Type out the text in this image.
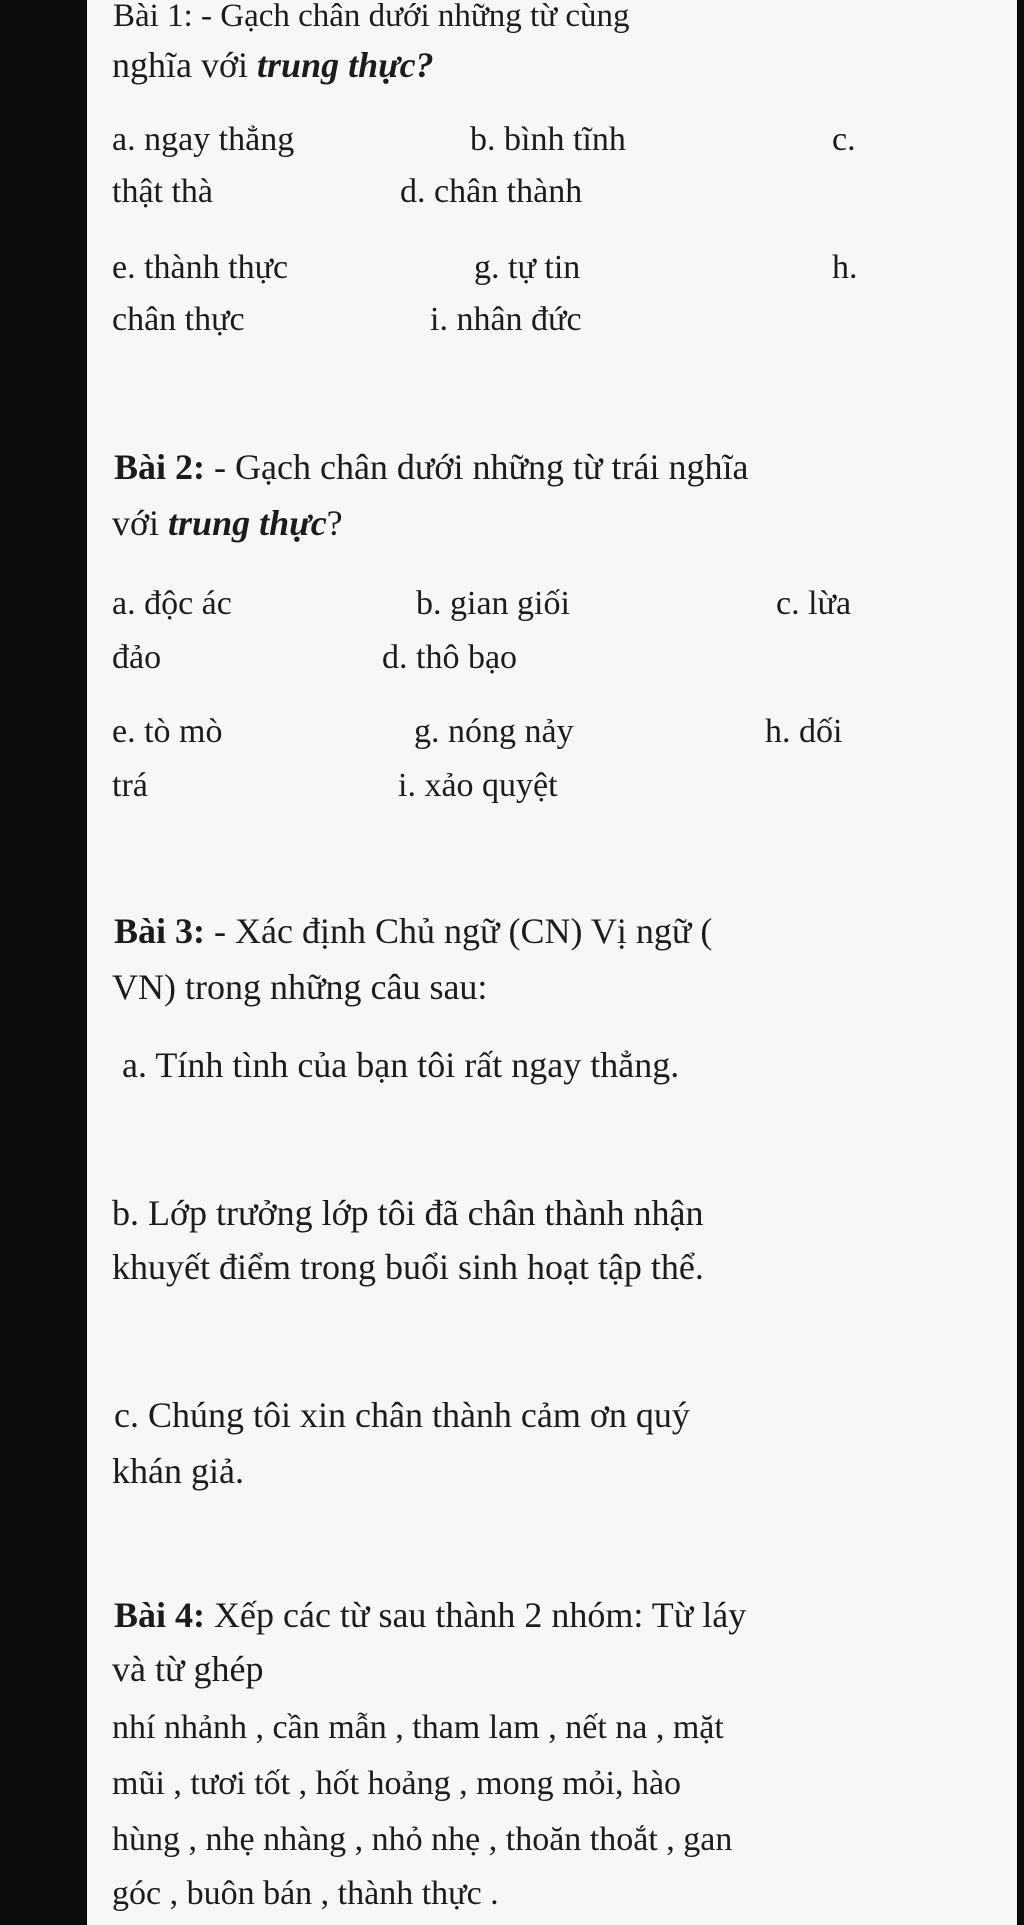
Bài 1: - Gạch chân dưới những từ cùng
nghĩa với trung thực?
a. ngay thẳng	b. bình tĩnh	c.
thật thà	d. chân thành
e. thành thực	g. tự tin	h.
chân thực	i. nhân đức
Bài 2: - Gạch chân dưới những từ trái nghĩa
với trung thực?
a. độc ác	b. gian giối	c. lừa
đảo	d. thô bạo
e. tò mò	g. nóng nảy	h. dối
trá	i. xảo quyệt
Bài 3: - Xác định Chủ ngữ (CN) Vị ngữ (
VN) trong những câu sau:
a. Tính tình của bạn tôi rất ngay thẳng.
b. Lớp trưởng lớp tôi đã chân thành nhận
khuyết điểm trong buổi sinh hoạt tập thể.
c. Chúng tôi xin chân thành cảm ơn quý
khán giả.
Bài 4: Xếp các từ sau thành 2 nhóm: Từ láy
và từ ghép
nhí nhảnh , cần mẫn , tham lam , nết na , mặt
mũi , tươi tốt , hốt hoảng , mong mỏi, hào
hùng , nhẹ nhàng , nhỏ nhẹ , thoăn thoắt , gan
góc , buôn bán , thành thực .
